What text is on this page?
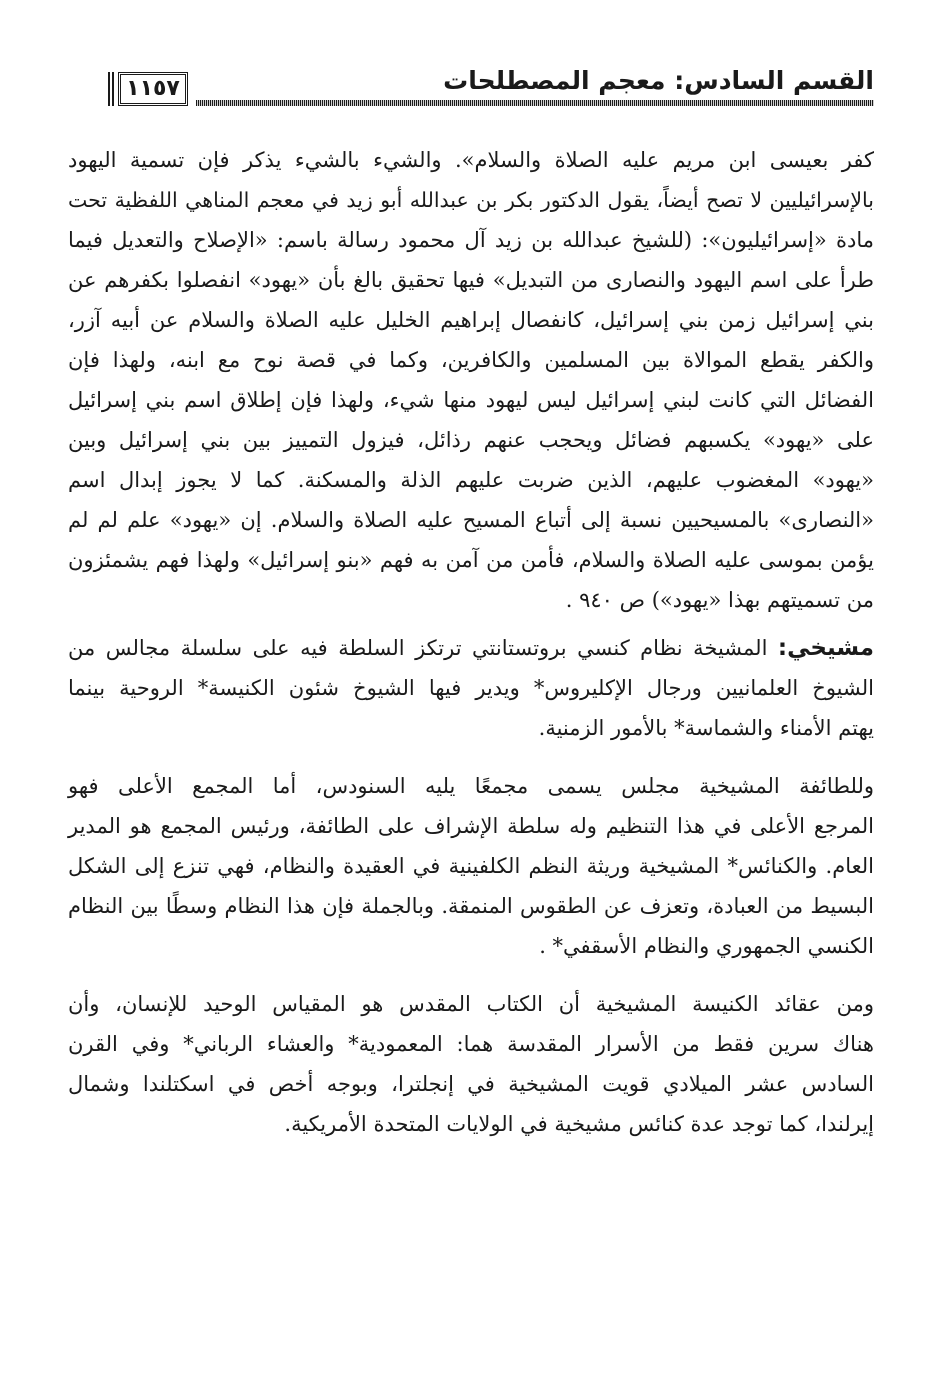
القسم السادس: معجم المصطلحات
١١٥٧
كفر بعيسى ابن مريم عليه الصلاة والسلام». والشيء بالشيء يذكر فإن تسمية اليهود
بالإسرائيليين لا تصح أيضاً، يقول الدكتور بكر بن عبدالله أبو زيد في معجم المناهي اللفظية تحت
مادة «إسرائيليون»: (للشيخ عبدالله بن زيد آل محمود رسالة باسم: «الإصلاح والتعديل فيما
طرأ على اسم اليهود والنصارى من التبديل» فيها تحقيق بالغ بأن «يهود» انفصلوا بكفرهم عن
بني إسرائيل زمن بني إسرائيل، كانفصال إبراهيم الخليل عليه الصلاة والسلام عن أبيه آزر،
والكفر يقطع الموالاة بين المسلمين والكافرين، وكما في قصة نوح مع ابنه، ولهذا فإن
الفضائل التي كانت لبني إسرائيل ليس ليهود منها شيء، ولهذا فإن إطلاق اسم بني إسرائيل
على «يهود» يكسبهم فضائل ويحجب عنهم رذائل، فيزول التمييز بين بني إسرائيل وبين
«يهود» المغضوب عليهم، الذين ضربت عليهم الذلة والمسكنة. كما لا يجوز إبدال اسم
«النصارى» بالمسيحيين نسبة إلى أتباع المسيح عليه الصلاة والسلام. إن «يهود» علم لم لم
يؤمن بموسى عليه الصلاة والسلام، فأمن من آمن به فهم «بنو إسرائيل» ولهذا فهم يشمئزون
من تسميتهم بهذا «يهود») ص ٩٤٠ .
مشيخي: المشيخة نظام كنسي بروتستانتي ترتكز السلطة فيه على سلسلة مجالس من
الشيوخ العلمانيين ورجال الإكليروس* ويدير فيها الشيوخ شئون الكنيسة* الروحية بينما
يهتم الأمناء والشماسة* بالأمور الزمنية.
وللطائفة المشيخية مجلس يسمى مجمعًا يليه السنودس، أما المجمع الأعلى فهو
المرجع الأعلى في هذا التنظيم وله سلطة الإشراف على الطائفة، ورئيس المجمع هو المدير
العام. والكنائس* المشيخية وريثة النظم الكلفينية في العقيدة والنظام، فهي تنزع إلى الشكل
البسيط من العبادة، وتعزف عن الطقوس المنمقة. وبالجملة فإن هذا النظام وسطًا بين النظام
الكنسي الجمهوري والنظام الأسقفي* .
ومن عقائد الكنيسة المشيخية أن الكتاب المقدس هو المقياس الوحيد للإنسان، وأن
هناك سرين فقط من الأسرار المقدسة هما: المعمودية* والعشاء الرباني* وفي القرن
السادس عشر الميلادي قويت المشيخية في إنجلترا، وبوجه أخص في اسكتلندا وشمال
إيرلندا، كما توجد عدة كنائس مشيخية في الولايات المتحدة الأمريكية.
